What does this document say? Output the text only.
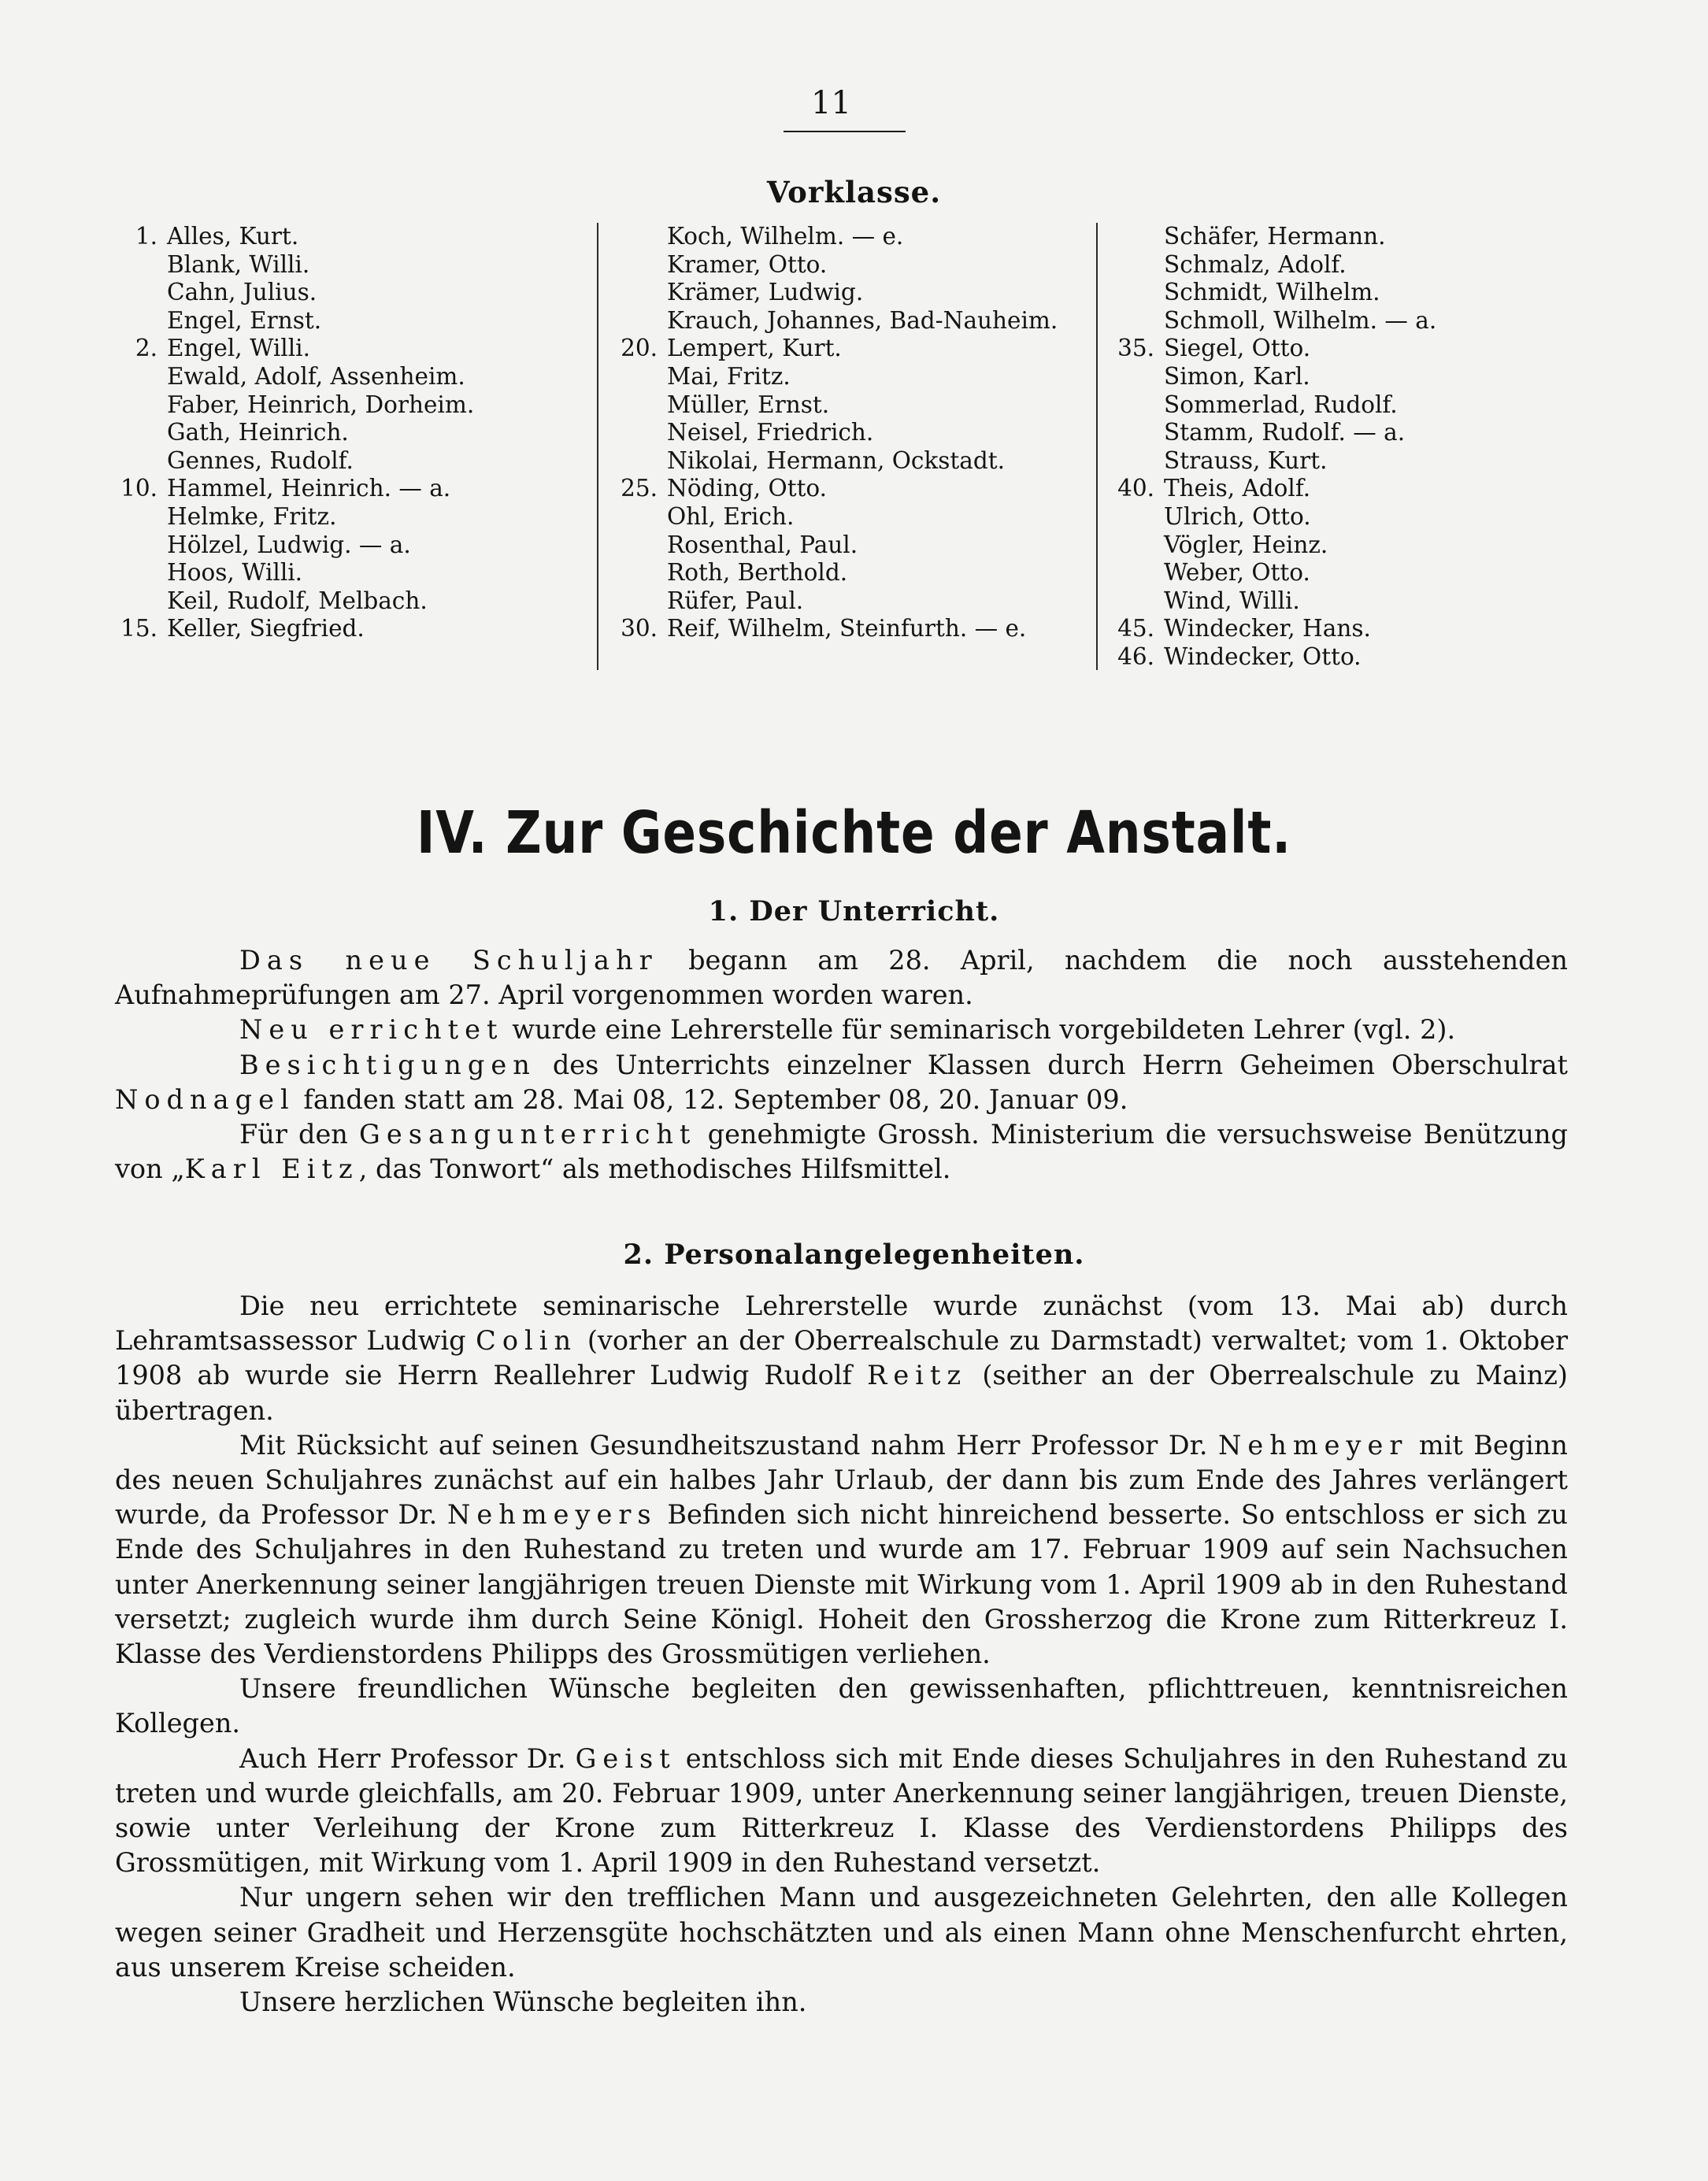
11
Vorklasse.
1. Alles, Kurt.
Blank, Willi.
Cahn, Julius.
Engel, Ernst.
2. Engel, Willi.
Ewald, Adolf, Assenheim.
Faber, Heinrich, Dorheim.
Gath, Heinrich.
Gennes, Rudolf.
10. Hammel, Heinrich. — a.
Helmke, Fritz.
Hölzel, Ludwig. — a.
Hoos, Willi.
Keil, Rudolf, Melbach.
15. Keller, Siegfried.
Koch, Wilhelm. — e.
Kramer, Otto.
Krämer, Ludwig.
Krauch, Johannes, Bad-Nauheim.
20. Lempert, Kurt.
Mai, Fritz.
Müller, Ernst.
Neisel, Friedrich.
Nikolai, Hermann, Ockstadt.
25. Nöding, Otto.
Ohl, Erich.
Rosenthal, Paul.
Roth, Berthold.
Rüfer, Paul.
30. Reif, Wilhelm, Steinfurth. — e.
Schäfer, Hermann.
Schmalz, Adolf.
Schmidt, Wilhelm.
Schmoll, Wilhelm. — a.
35. Siegel, Otto.
Simon, Karl.
Sommerlad, Rudolf.
Stamm, Rudolf. — a.
Strauss, Kurt.
40. Theis, Adolf.
Ulrich, Otto.
Vögler, Heinz.
Weber, Otto.
Wind, Willi.
45. Windecker, Hans.
46. Windecker, Otto.
IV. Zur Geschichte der Anstalt.
1. Der Unterricht.

Das neue Schuljahr begann am 28. April, nachdem die noch ausstehenden Aufnahmeprüfungen am 27. April vorgenommen worden waren.

Neu errichtet wurde eine Lehrerstelle für seminarisch vorgebildeten Lehrer (vgl. 2).

Besichtigungen des Unterrichts einzelner Klassen durch Herrn Geheimen Oberschulrat Nodnagel fanden statt am 28. Mai 08, 12. September 08, 20. Januar 09.

Für den Gesangunterricht genehmigte Grossh. Ministerium die versuchsweise Benützung von „Karl Eitz, das Tonwort“ als methodisches Hilfsmittel.

2. Personalangelegenheiten.

Die neu errichtete seminarische Lehrerstelle wurde zunächst (vom 13. Mai ab) durch Lehramtsassessor Ludwig Colin (vorher an der Oberrealschule zu Darmstadt) verwaltet; vom 1. Oktober 1908 ab wurde sie Herrn Reallehrer Ludwig Rudolf Reitz (seither an der Oberrealschule zu Mainz) übertragen.

Mit Rücksicht auf seinen Gesundheitszustand nahm Herr Professor Dr. Nehmeyer mit Beginn des neuen Schuljahres zunächst auf ein halbes Jahr Urlaub, der dann bis zum Ende des Jahres verlängert wurde, da Professor Dr. Nehmeyers Befinden sich nicht hinreichend besserte. So entschloss er sich zu Ende des Schuljahres in den Ruhestand zu treten und wurde am 17. Februar 1909 auf sein Nachsuchen unter Anerkennung seiner langjährigen treuen Dienste mit Wirkung vom 1. April 1909 ab in den Ruhestand versetzt; zugleich wurde ihm durch Seine Königl. Hoheit den Grossherzog die Krone zum Ritterkreuz I. Klasse des Verdienstordens Philipps des Grossmütigen verliehen.

Unsere freundlichen Wünsche begleiten den gewissenhaften, pflichttreuen, kenntnisreichen Kollegen.

Auch Herr Professor Dr. Geist entschloss sich mit Ende dieses Schuljahres in den Ruhestand zu treten und wurde gleichfalls, am 20. Februar 1909, unter Anerkennung seiner langjährigen, treuen Dienste, sowie unter Verleihung der Krone zum Ritterkreuz I. Klasse des Verdienstordens Philipps des Grossmütigen, mit Wirkung vom 1. April 1909 in den Ruhestand versetzt.

Nur ungern sehen wir den trefflichen Mann und ausgezeichneten Gelehrten, den alle Kollegen wegen seiner Gradheit und Herzensgüte hochschätzten und als einen Mann ohne Menschenfurcht ehrten, aus unserem Kreise scheiden.

Unsere herzlichen Wünsche begleiten ihn.
